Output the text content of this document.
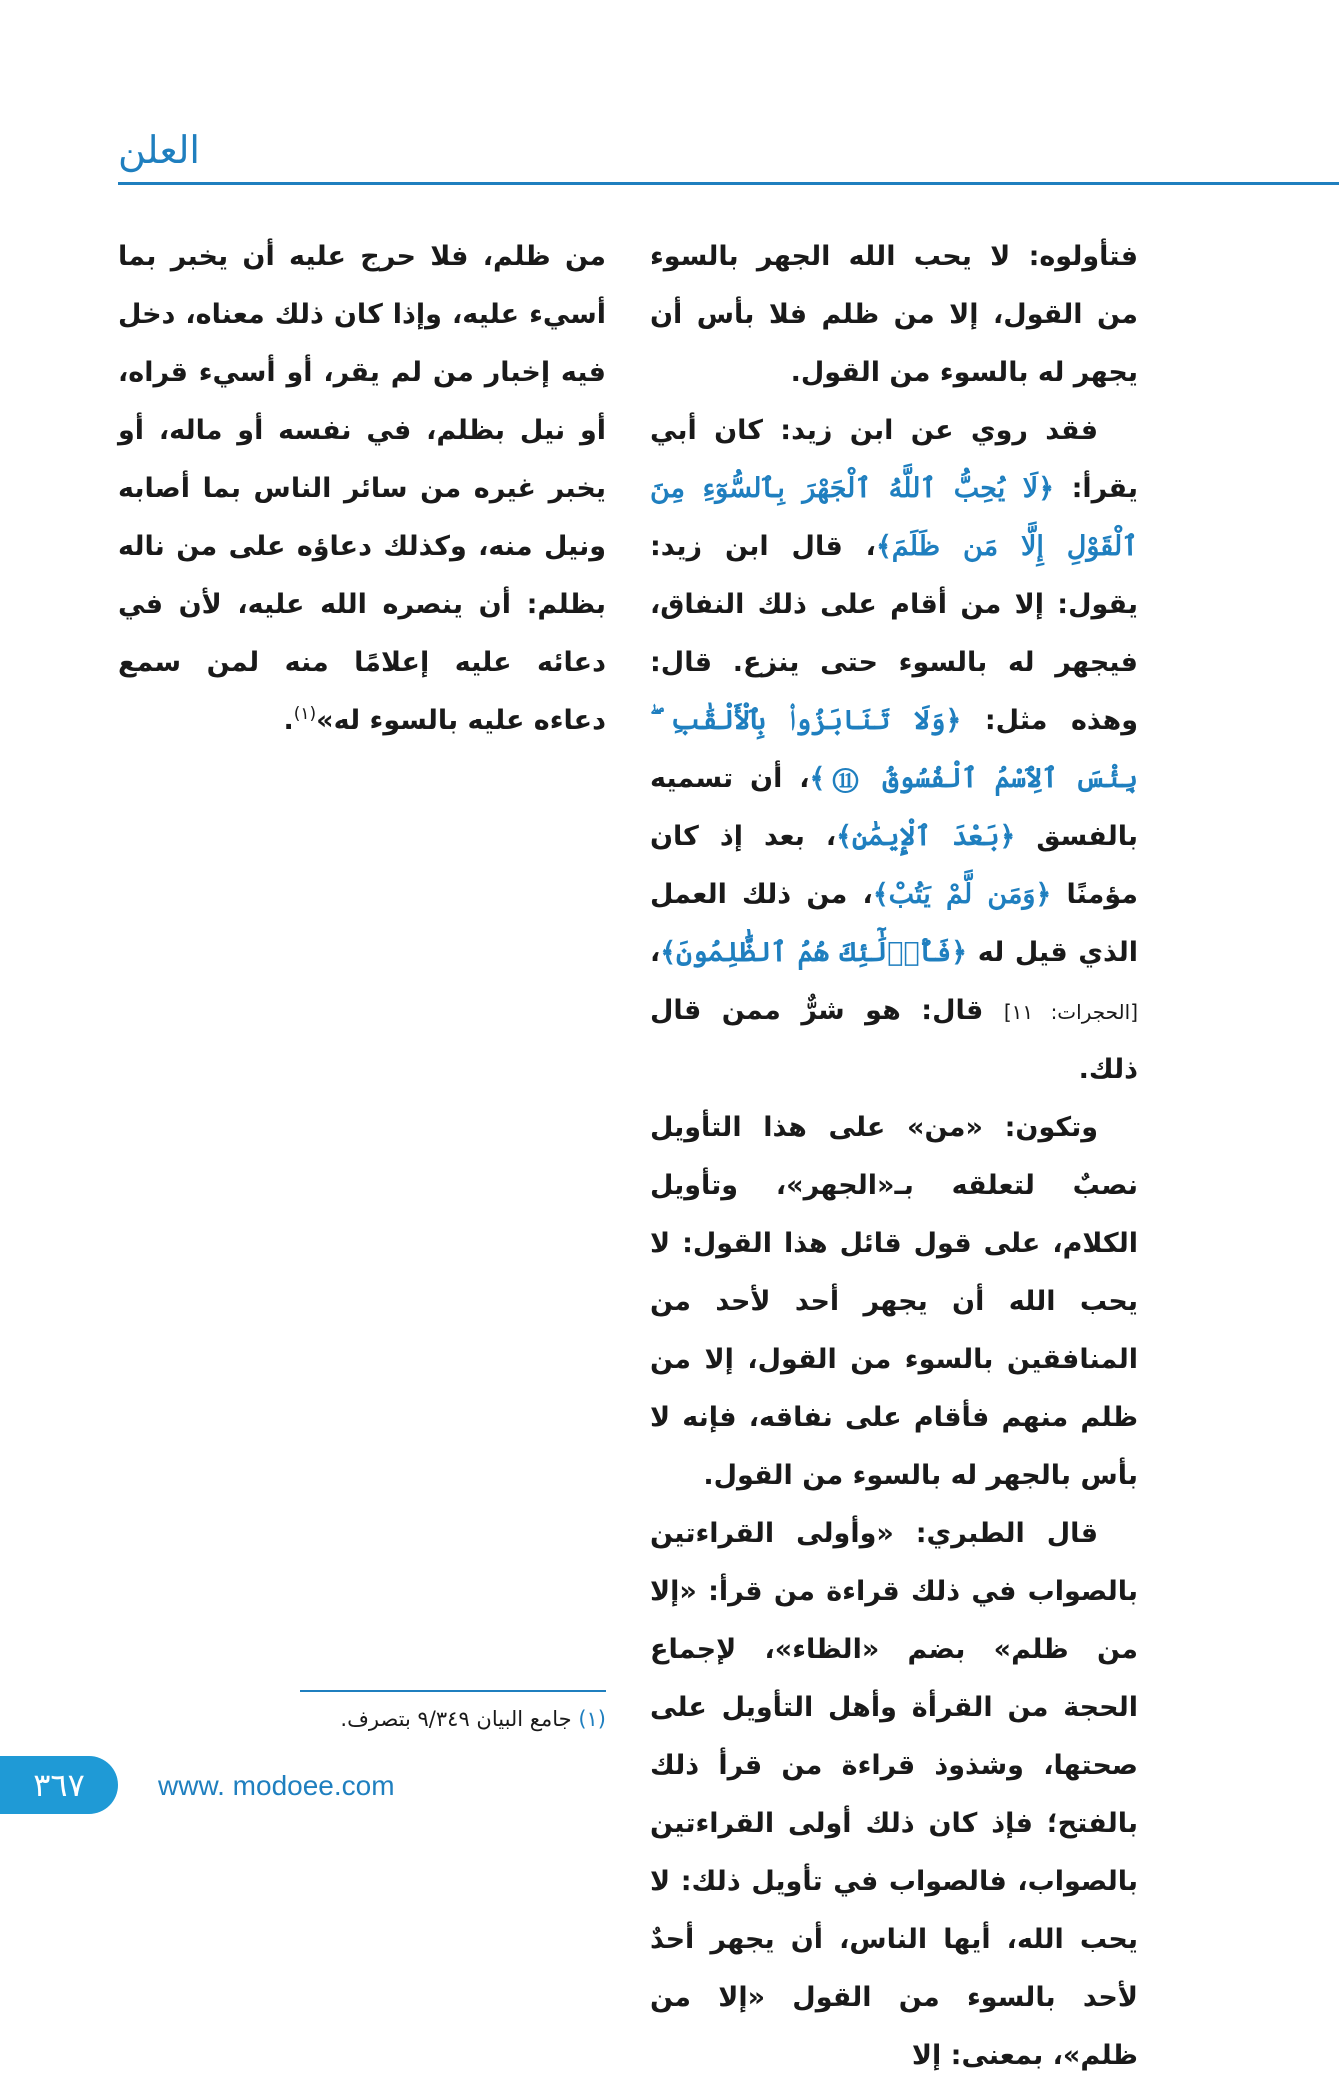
العلن

فتأولوه: لا يحب الله الجهر بالسوء من القول، إلا من ظلم فلا بأس أن يجهر له بالسوء من القول.

فقد روي عن ابن زيد: كان أبي يقرأ: ﴿لَا يُحِبُّ ٱللَّهُ ٱلْجَهْرَ بِٱلسُّوٓءِ مِنَ ٱلْقَوْلِ إِلَّا مَن ظَلَمَ﴾، قال ابن زيد: يقول: إلا من أقام على ذلك النفاق، فيجهر له بالسوء حتى ينزع. قال: وهذه مثل: ﴿وَلَا تَنَابَزُوا۟ بِٱلْأَلْقَٰبِ ۖ بِئْسَ ٱلِٱسْمُ ٱلْفُسُوقُ ⑪﴾، أن تسميه بالفسق ﴿بَعْدَ ٱلْإِيمَٰنِ﴾، بعد إذ كان مؤمنًا ﴿وَمَن لَّمْ يَتُبْ﴾، من ذلك العمل الذي قيل له ﴿فَأُو۟لَٰٓئِكَ هُمُ ٱلظَّٰلِمُونَ﴾، [الحجرات: ١١] قال: هو شرٌّ ممن قال ذلك.

وتكون: «من» على هذا التأويل نصبٌ لتعلقه بـ«الجهر»، وتأويل الكلام، على قول قائل هذا القول: لا يحب الله أن يجهر أحد لأحد من المنافقين بالسوء من القول، إلا من ظلم منهم فأقام على نفاقه، فإنه لا بأس بالجهر له بالسوء من القول.

قال الطبري: «وأولى القراءتين بالصواب في ذلك قراءة من قرأ: «إلا من ظلم» بضم «الظاء»، لإجماع الحجة من القرأة وأهل التأويل على صحتها، وشذوذ قراءة من قرأ ذلك بالفتح؛ فإذ كان ذلك أولى القراءتين بالصواب، فالصواب في تأويل ذلك: لا يحب الله، أيها الناس، أن يجهر أحدٌ لأحد بالسوء من القول «إلا من ظلم»، بمعنى: إلا

من ظلم، فلا حرج عليه أن يخبر بما أسيء عليه، وإذا كان ذلك معناه، دخل فيه إخبار من لم يقر، أو أسيء قراه، أو نيل بظلم، في نفسه أو ماله، أو يخبر غيره من سائر الناس بما أصابه ونيل منه، وكذلك دعاؤه على من ناله بظلم: أن ينصره الله عليه، لأن في دعائه عليه إعلامًا منه لمن سمع دعاءه عليه بالسوء له»$^{(١)}$.

(١) جامع البيان ٩/٣٤٩ بتصرف.
٣٦٧	www. modoee.com
